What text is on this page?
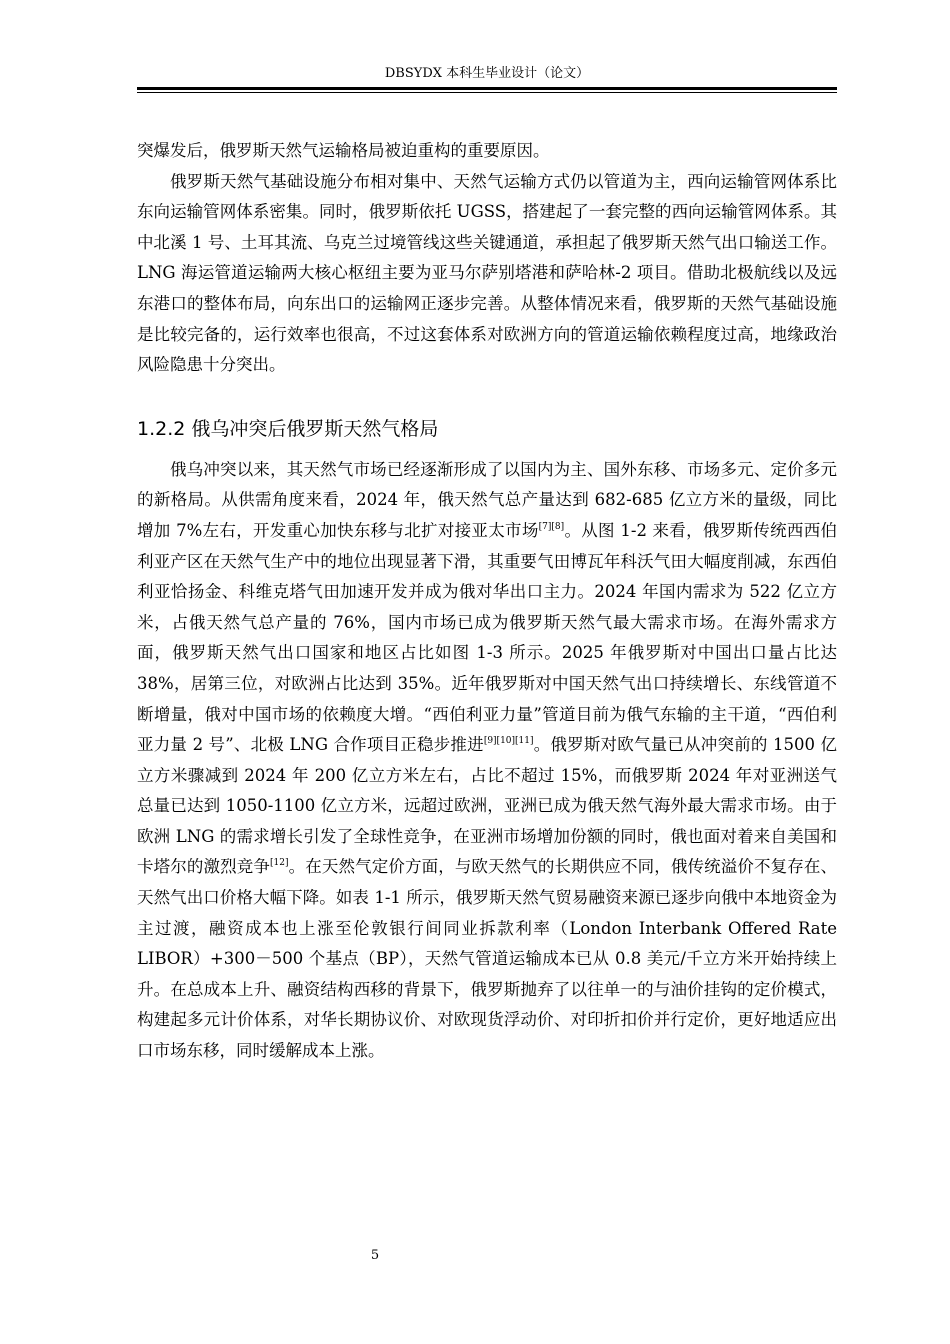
DBSYDX 本科生毕业设计（论文）

突爆发后，俄罗斯天然气运输格局被迫重构的重要原因。

俄罗斯天然气基础设施分布相对集中、天然气运输方式仍以管道为主，西向运输管网体系比东向运输管网体系密集。同时，俄罗斯依托 UGSS，搭建起了一套完整的西向运输管网体系。其中北溪 1 号、土耳其流、乌克兰过境管线这些关键通道，承担起了俄罗斯天然气出口输送工作。LNG 海运管道运输两大核心枢纽主要为亚马尔萨别塔港和萨哈林-2 项目。借助北极航线以及远东港口的整体布局，向东出口的运输网正逐步完善。从整体情况来看，俄罗斯的天然气基础设施是比较完备的，运行效率也很高，不过这套体系对欧洲方向的管道运输依赖程度过高，地缘政治风险隐患十分突出。

1.2.2 俄乌冲突后俄罗斯天然气格局

俄乌冲突以来，其天然气市场已经逐渐形成了以国内为主、国外东移、市场多元、定价多元的新格局。从供需角度来看，2024 年，俄天然气总产量达到 682-685 亿立方米的量级，同比增加 7%左右，开发重心加快东移与北扩对接亚太市场[7][8]。从图 1-2 来看，俄罗斯传统西西伯利亚产区在天然气生产中的地位出现显著下滑，其重要气田博瓦年科沃气田大幅度削减，东西伯利亚恰扬金、科维克塔气田加速开发并成为俄对华出口主力。2024 年国内需求为 522 亿立方米，占俄天然气总产量的 76%，国内市场已成为俄罗斯天然气最大需求市场。在海外需求方面，俄罗斯天然气出口国家和地区占比如图 1-3 所示。2025 年俄罗斯对中国出口量占比达 38%，居第三位，对欧洲占比达到 35%。近年俄罗斯对中国天然气出口持续增长、东线管道不断增量，俄对中国市场的依赖度大增。“西伯利亚力量”管道目前为俄气东输的主干道，“西伯利亚力量 2 号”、北极 LNG 合作项目正稳步推进[9][10][11]。俄罗斯对欧气量已从冲突前的 1500 亿立方米骤减到 2024 年 200 亿立方米左右，占比不超过 15%，而俄罗斯 2024 年对亚洲送气总量已达到 1050-1100 亿立方米，远超过欧洲，亚洲已成为俄天然气海外最大需求市场。由于欧洲 LNG 的需求增长引发了全球性竞争，在亚洲市场增加份额的同时，俄也面对着来自美国和卡塔尔的激烈竞争[12]。在天然气定价方面，与欧天然气的长期供应不同，俄传统溢价不复存在、天然气出口价格大幅下降。如表 1-1 所示，俄罗斯天然气贸易融资来源已逐步向俄中本地资金为主过渡，融资成本也上涨至伦敦银行间同业拆款利率（London Interbank Offered Rate LIBOR）+300－500 个基点（BP），天然气管道运输成本已从 0.8 美元/千立方米开始持续上升。在总成本上升、融资结构西移的背景下，俄罗斯抛弃了以往单一的与油价挂钩的定价模式，构建起多元计价体系，对华长期协议价、对欧现货浮动价、对印折扣价并行定价，更好地适应出口市场东移，同时缓解成本上涨。

5
